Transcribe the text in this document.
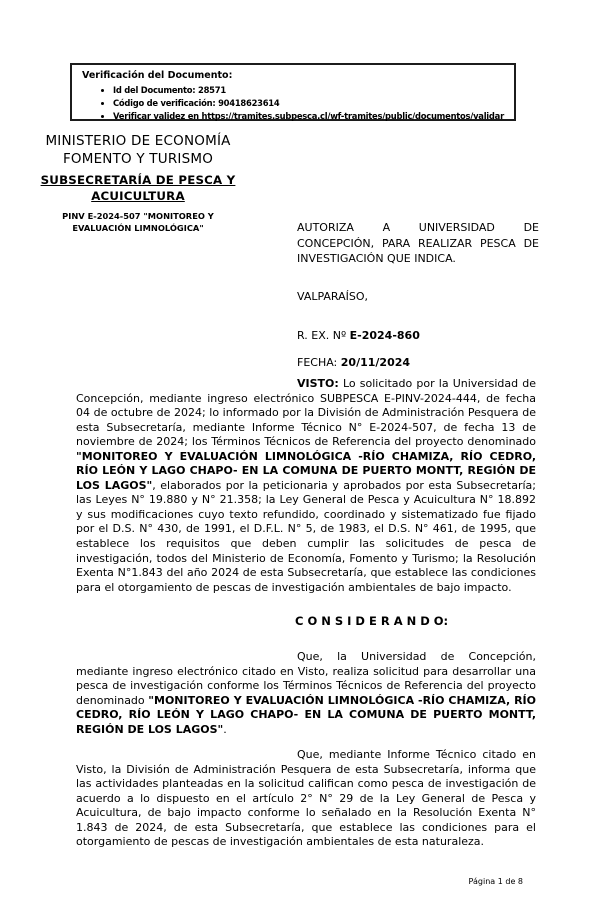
Verificación del Documento:
• Id del Documento: 28571
• Código de verificación: 90418623614
• Verificar validez en https://tramites.subpesca.cl/wf-tramites/public/documentos/validar
MINISTERIO DE ECONOMÍA
FOMENTO Y TURISMO
SUBSECRETARÍA DE PESCA Y ACUICULTURA
PINV E-2024-507 "MONITOREO Y EVALUACIÓN LIMNOLÓGICA"	AUTORIZA A UNIVERSIDAD DE CONCEPCIÓN, PARA REALIZAR PESCA DE INVESTIGACIÓN QUE INDICA.
VALPARAÍSO,
R. EX. Nº E-2024-860
FECHA: 20/11/2024
VISTO: Lo solicitado por la Universidad de Concepción, mediante ingreso electrónico SUBPESCA E-PINV-2024-444, de fecha 04 de octubre de 2024; lo informado por la División de Administración Pesquera de esta Subsecretaría, mediante Informe Técnico N° E-2024-507, de fecha 13 de noviembre de 2024; los Términos Técnicos de Referencia del proyecto denominado "MONITOREO Y EVALUACIÓN LIMNOLÓGICA -RÍO CHAMIZA, RÍO CEDRO, RÍO LEÓN Y LAGO CHAPO- EN LA COMUNA DE PUERTO MONTT, REGIÓN DE LOS LAGOS", elaborados por la peticionaria y aprobados por esta Subsecretaría; las Leyes N° 19.880 y N° 21.358; la Ley General de Pesca y Acuicultura N° 18.892 y sus modificaciones cuyo texto refundido, coordinado y sistematizado fue fijado por el D.S. N° 430, de 1991, el D.F.L. N° 5, de 1983, el D.S. N° 461, de 1995, que establece los requisitos que deben cumplir las solicitudes de pesca de investigación, todos del Ministerio de Economía, Fomento y Turismo; la Resolución Exenta N°1.843 del año 2024 de esta Subsecretaría, que establece las condiciones para el otorgamiento de pescas de investigación ambientales de bajo impacto.
C O N S I D E R A N D O:
Que, la Universidad de Concepción, mediante ingreso electrónico citado en Visto, realiza solicitud para desarrollar una pesca de investigación conforme los Términos Técnicos de Referencia del proyecto denominado "MONITOREO Y EVALUACIÓN LIMNOLÓGICA -RÍO CHAMIZA, RÍO CEDRO, RÍO LEÓN Y LAGO CHAPO- EN LA COMUNA DE PUERTO MONTT, REGIÓN DE LOS LAGOS".
Que, mediante Informe Técnico citado en Visto, la División de Administración Pesquera de esta Subsecretaría, informa que las actividades planteadas en la solicitud califican como pesca de investigación de acuerdo a lo dispuesto en el artículo 2° N° 29 de la Ley General de Pesca y Acuicultura, de bajo impacto conforme lo señalado en la Resolución Exenta N° 1.843 de 2024, de esta Subsecretaría, que establece las condiciones para el otorgamiento de pescas de investigación ambientales de esta naturaleza.
Página 1 de 8
